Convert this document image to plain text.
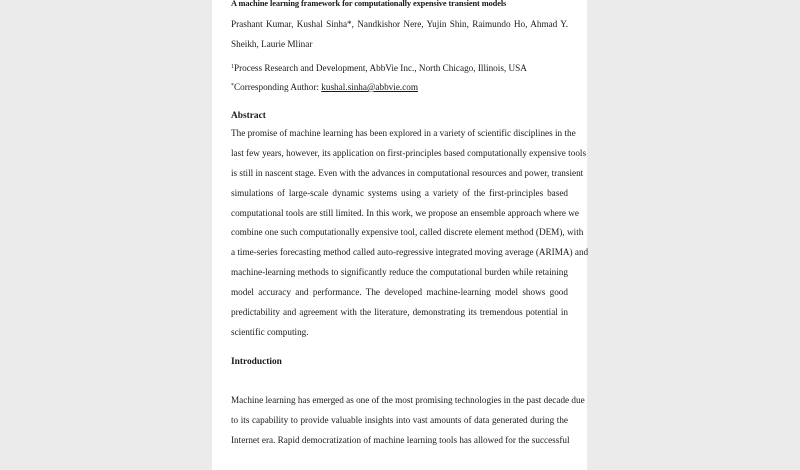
A machine learning framework for computationally expensive transient models
Prashant Kumar, Kushal Sinha*, Nandkishor Nere, Yujin Shin, Raimundo Ho, Ahmad Y.
Sheikh, Laurie Mlinar
$^1$Process Research and Development, AbbVie Inc., North Chicago, Illinois, USA
*Corresponding Author: kushal.sinha@abbvie.com
Abstract
The promise of machine learning has been explored in a variety of scientific disciplines in the
last few years, however, its application on first-principles based computationally expensive tools
is still in nascent stage. Even with the advances in computational resources and power, transient
simulations of large-scale dynamic systems using a variety of the first-principles based
computational tools are still limited. In this work, we propose an ensemble approach where we
combine one such computationally expensive tool, called discrete element method (DEM), with
a time-series forecasting method called auto-regressive integrated moving average (ARIMA) and
machine-learning methods to significantly reduce the computational burden while retaining
model accuracy and performance. The developed machine-learning model shows good
predictability and agreement with the literature, demonstrating its tremendous potential in
scientific computing.
Introduction
Machine learning has emerged as one of the most promising technologies in the past decade due
to its capability to provide valuable insights into vast amounts of data generated during the
Internet era. Rapid democratization of machine learning tools has allowed for the successful
